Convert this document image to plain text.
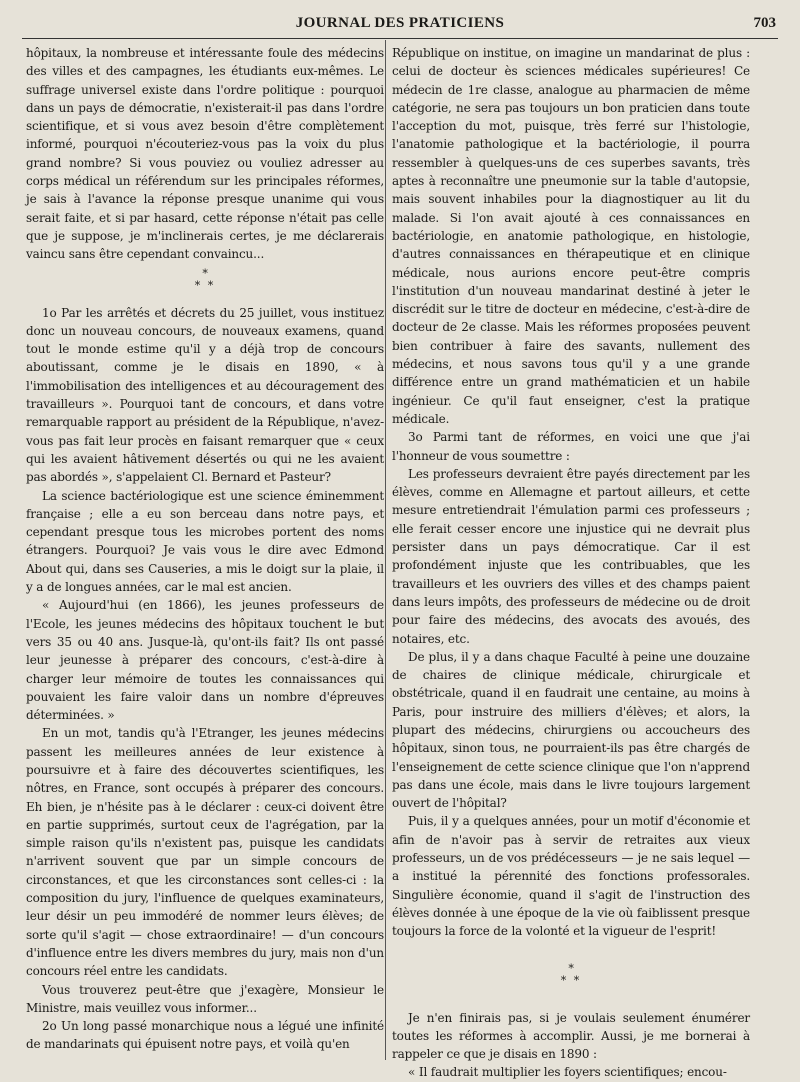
JOURNAL DES PRATICIENS	703

hôpitaux, la nombreuse et intéressante foule des médecins des villes et des campagnes, les étudiants eux-mêmes. Le suffrage universel existe dans l'ordre politique : pourquoi dans un pays de démocratie, n'existerait-il pas dans l'ordre scientifique, et si vous avez besoin d'être complètement informé, pourquoi n'écouteriez-vous pas la voix du plus grand nombre? Si vous pouviez ou vouliez adresser au corps médical un référendum sur les principales réformes, je sais à l'avance la réponse presque unanime qui vous serait faite, et si par hasard, cette réponse n'était pas celle que je suppose, je m'inclinerais certes, je me déclarerais vaincu sans être cependant convaincu...

*
* *

1o Par les arrêtés et décrets du 25 juillet, vous instituez donc un nouveau concours, de nouveaux examens, quand tout le monde estime qu'il y a déjà trop de concours aboutissant, comme je le disais en 1890, « à l'immobilisation des intelligences et au découragement des travailleurs ». Pourquoi tant de concours, et dans votre remarquable rapport au président de la République, n'avez-vous pas fait leur procès en faisant remarquer que « ceux qui les avaient hâtivement désertés ou qui ne les avaient pas abordés », s'appelaient Cl. Bernard et Pasteur?

La science bactériologique est une science éminemment française ; elle a eu son berceau dans notre pays, et cependant presque tous les microbes portent des noms étrangers. Pourquoi? Je vais vous le dire avec Edmond About qui, dans ses Causeries, a mis le doigt sur la plaie, il y a de longues années, car le mal est ancien.

« Aujourd'hui (en 1866), les jeunes professeurs de l'Ecole, les jeunes médecins des hôpitaux touchent le but vers 35 ou 40 ans. Jusque-là, qu'ont-ils fait? Ils ont passé leur jeunesse à préparer des concours, c'est-à-dire à charger leur mémoire de toutes les connaissances qui pouvaient les faire valoir dans un nombre d'épreuves déterminées. »

En un mot, tandis qu'à l'Etranger, les jeunes médecins passent les meilleures années de leur existence à poursuivre et à faire des découvertes scientifiques, les nôtres, en France, sont occupés à préparer des concours. Eh bien, je n'hésite pas à le déclarer : ceux-ci doivent être en partie supprimés, surtout ceux de l'agrégation, par la simple raison qu'ils n'existent pas, puisque les candidats n'arrivent souvent que par un simple concours de circonstances, et que les circonstances sont celles-ci : la composition du jury, l'influence de quelques examinateurs, leur désir un peu immodéré de nommer leurs élèves; de sorte qu'il s'agit — chose extraordinaire! — d'un concours d'influence entre les divers membres du jury, mais non d'un concours réel entre les candidats.

Vous trouverez peut-être que j'exagère, Monsieur le Ministre, mais veuillez vous informer...

2o Un long passé monarchique nous a légué une infinité de mandarinats qui épuisent notre pays, et voilà qu'en

République on institue, on imagine un mandarinat de plus : celui de docteur ès sciences médicales supérieures! Ce médecin de 1re classe, analogue au pharmacien de même catégorie, ne sera pas toujours un bon praticien dans toute l'acception du mot, puisque, très ferré sur l'histologie, l'anatomie pathologique et la bactériologie, il pourra ressembler à quelques-uns de ces superbes savants, très aptes à reconnaître une pneumonie sur la table d'autopsie, mais souvent inhabiles pour la diagnostiquer au lit du malade. Si l'on avait ajouté à ces connaissances en bactériologie, en anatomie pathologique, en histologie, d'autres connaissances en thérapeutique et en clinique médicale, nous aurions encore peut-être compris l'institution d'un nouveau mandarinat destiné à jeter le discrédit sur le titre de docteur en médecine, c'est-à-dire de docteur de 2e classe. Mais les réformes proposées peuvent bien contribuer à faire des savants, nullement des médecins, et nous savons tous qu'il y a une grande différence entre un grand mathématicien et un habile ingénieur. Ce qu'il faut enseigner, c'est la pratique médicale.

3o Parmi tant de réformes, en voici une que j'ai l'honneur de vous soumettre :

Les professeurs devraient être payés directement par les élèves, comme en Allemagne et partout ailleurs, et cette mesure entretiendrait l'émulation parmi ces professeurs ; elle ferait cesser encore une injustice qui ne devrait plus persister dans un pays démocratique. Car il est profondément injuste que les contribuables, que les travailleurs et les ouvriers des villes et des champs paient dans leurs impôts, des professeurs de médecine ou de droit pour faire des médecins, des avocats des avoués, des notaires, etc.

De plus, il y a dans chaque Faculté à peine une douzaine de chaires de clinique médicale, chirurgicale et obstétricale, quand il en faudrait une centaine, au moins à Paris, pour instruire des milliers d'élèves; et alors, la plupart des médecins, chirurgiens ou accoucheurs des hôpitaux, sinon tous, ne pourraient-ils pas être chargés de l'enseignement de cette science clinique que l'on n'apprend pas dans une école, mais dans le livre toujours largement ouvert de l'hôpital?

Puis, il y a quelques années, pour un motif d'économie et afin de n'avoir pas à servir de retraites aux vieux professeurs, un de vos prédécesseurs — je ne sais lequel — a institué la pérennité des fonctions professorales. Singulière économie, quand il s'agit de l'instruction des élèves donnée à une époque de la vie où faiblissent presque toujours la force de la volonté et la vigueur de l'esprit!

*
* *

Je n'en finirais pas, si je voulais seulement énumérer toutes les réformes à accomplir. Aussi, je me bornerai à rappeler ce que je disais en 1890 :

« Il faudrait multiplier les foyers scientifiques; encou-
